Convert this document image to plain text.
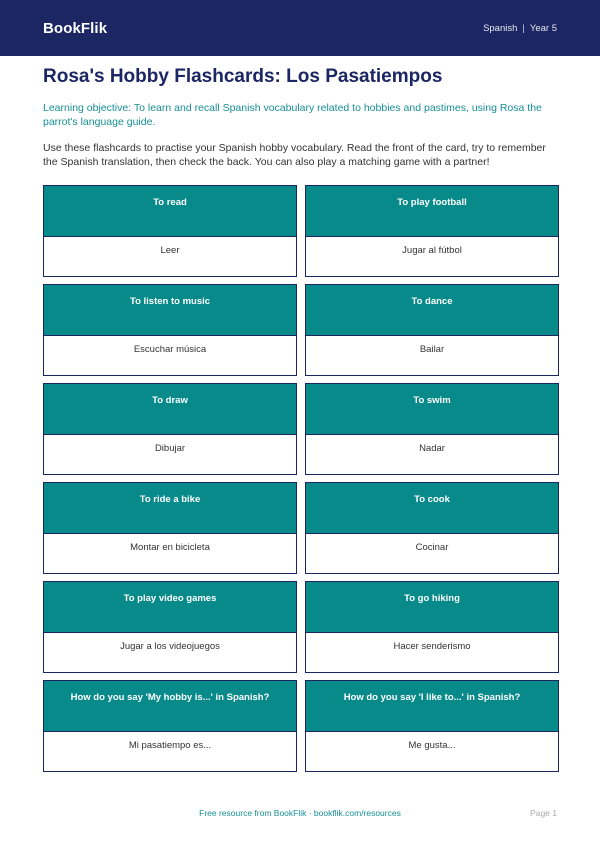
BookFlik	Spanish | Year 5
Rosa's Hobby Flashcards: Los Pasatiempos

Learning objective: To learn and recall Spanish vocabulary related to hobbies and pastimes, using Rosa the parrot's language guide.

Use these flashcards to practise your Spanish hobby vocabulary. Read the front of the card, try to remember the Spanish translation, then check the back. You can also play a matching game with a partner!

To read
Leer
To play football
Jugar al fútbol
To listen to music
Escuchar música
To dance
Bailar
To draw
Dibujar
To swim
Nadar
To ride a bike
Montar en bicicleta
To cook
Cocinar
To play video games
Jugar a los videojuegos
To go hiking
Hacer senderismo
How do you say 'My hobby is...' in Spanish?
Mi pasatiempo es...
How do you say 'I like to...' in Spanish?
Me gusta...
Free resource from BookFlik · bookflik.com/resources	Page 1
